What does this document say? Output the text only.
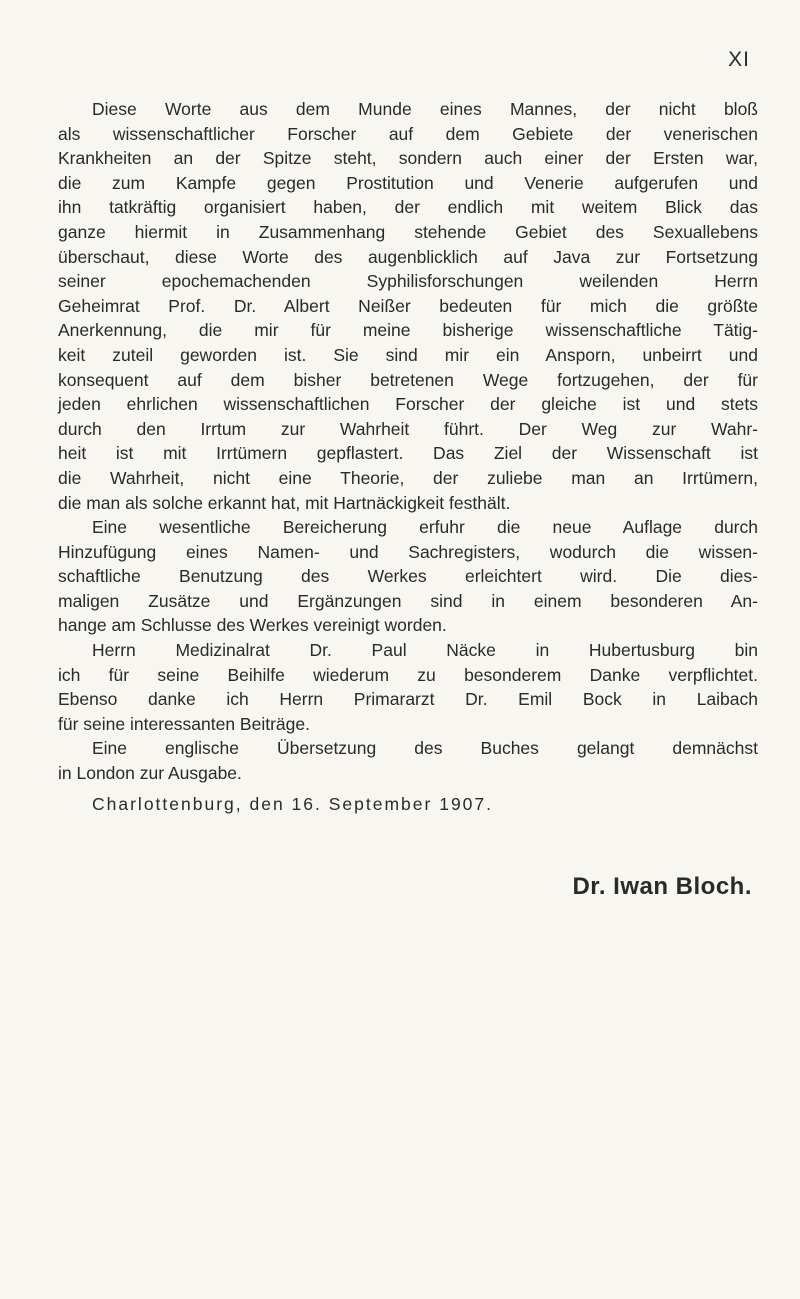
XI
Diese Worte aus dem Munde eines Mannes, der nicht bloß
als wissenschaftlicher Forscher auf dem Gebiete der venerischen
Krankheiten an der Spitze steht, sondern auch einer der Ersten war,
die zum Kampfe gegen Prostitution und Venerie aufgerufen und
ihn tatkräftig organisiert haben, der endlich mit weitem Blick das
ganze hiermit in Zusammenhang stehende Gebiet des Sexuallebens
überschaut, diese Worte des augenblicklich auf Java zur Fortsetzung
seiner epochemachenden Syphilisforschungen weilenden Herrn
Geheimrat Prof. Dr. Albert Neißer bedeuten für mich die größte
Anerkennung, die mir für meine bisherige wissenschaftliche Tätig-
keit zuteil geworden ist. Sie sind mir ein Ansporn, unbeirrt und
konsequent auf dem bisher betretenen Wege fortzugehen, der für
jeden ehrlichen wissenschaftlichen Forscher der gleiche ist und stets
durch den Irrtum zur Wahrheit führt. Der Weg zur Wahr-
heit ist mit Irrtümern gepflastert. Das Ziel der Wissenschaft ist
die Wahrheit, nicht eine Theorie, der zuliebe man an Irrtümern,
die man als solche erkannt hat, mit Hartnäckigkeit festhält.
Eine wesentliche Bereicherung erfuhr die neue Auflage durch
Hinzufügung eines Namen- und Sachregisters, wodurch die wissen-
schaftliche Benutzung des Werkes erleichtert wird. Die dies-
maligen Zusätze und Ergänzungen sind in einem besonderen An-
hange am Schlusse des Werkes vereinigt worden.
Herrn Medizinalrat Dr. Paul Näcke in Hubertusburg bin
ich für seine Beihilfe wiederum zu besonderem Danke verpflichtet.
Ebenso danke ich Herrn Primararzt Dr. Emil Bock in Laibach
für seine interessanten Beiträge.
Eine englische Übersetzung des Buches gelangt demnächst
in London zur Ausgabe.
Charlottenburg, den 16. September 1907.
Dr. Iwan Bloch.
